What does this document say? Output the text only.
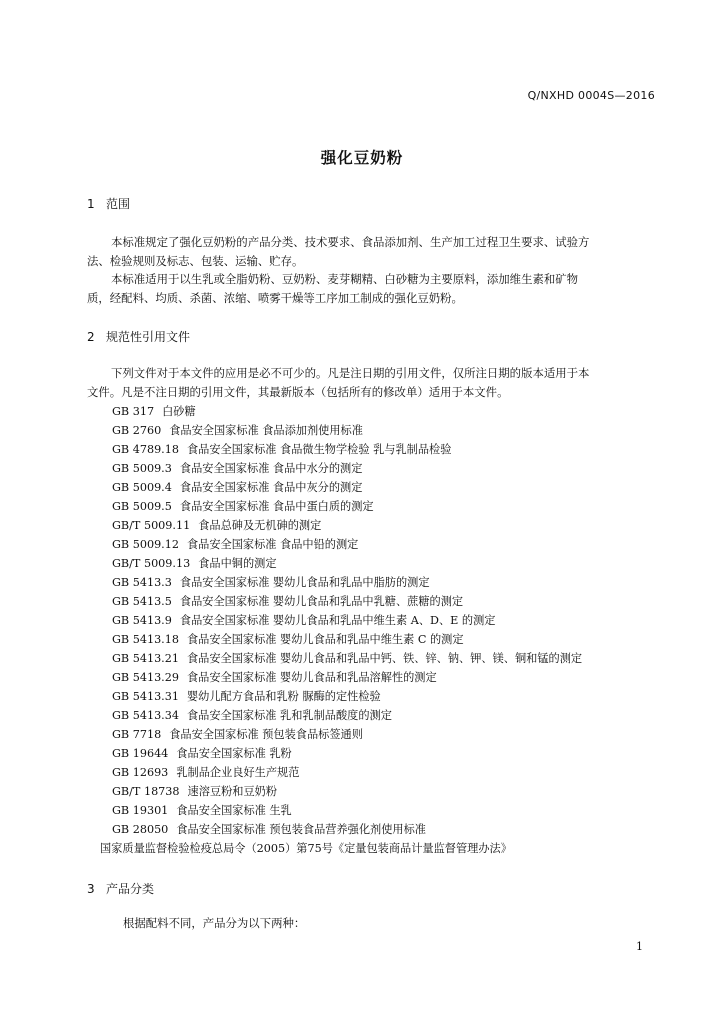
Q/NXHD 0004S—2016
强化豆奶粉
1 范围
本标准规定了强化豆奶粉的产品分类、技术要求、食品添加剂、生产加工过程卫生要求、试验方
法、检验规则及标志、包装、运输、贮存。
本标准适用于以生乳或全脂奶粉、豆奶粉、麦芽糊精、白砂糖为主要原料，添加维生素和矿物
质，经配料、均质、杀菌、浓缩、喷雾干燥等工序加工制成的强化豆奶粉。
2 规范性引用文件
下列文件对于本文件的应用是必不可少的。凡是注日期的引用文件，仅所注日期的版本适用于本
文件。凡是不注日期的引用文件，其最新版本（包括所有的修改单）适用于本文件。
GB 317 白砂糖
GB 2760 食品安全国家标准 食品添加剂使用标准
GB 4789.18 食品安全国家标准 食品微生物学检验 乳与乳制品检验
GB 5009.3 食品安全国家标准 食品中水分的测定
GB 5009.4 食品安全国家标准 食品中灰分的测定
GB 5009.5 食品安全国家标准 食品中蛋白质的测定
GB/T 5009.11 食品总砷及无机砷的测定
GB 5009.12 食品安全国家标准 食品中铅的测定
GB/T 5009.13 食品中铜的测定
GB 5413.3 食品安全国家标准 婴幼儿食品和乳品中脂肪的测定
GB 5413.5 食品安全国家标准 婴幼儿食品和乳品中乳糖、蔗糖的测定
GB 5413.9 食品安全国家标准 婴幼儿食品和乳品中维生素 A、D、E 的测定
GB 5413.18 食品安全国家标准 婴幼儿食品和乳品中维生素 C 的测定
GB 5413.21 食品安全国家标准 婴幼儿食品和乳品中钙、铁、锌、钠、钾、镁、铜和锰的测定
GB 5413.29 食品安全国家标准 婴幼儿食品和乳品溶解性的测定
GB 5413.31 婴幼儿配方食品和乳粉 脲酶的定性检验
GB 5413.34 食品安全国家标准 乳和乳制品酸度的测定
GB 7718 食品安全国家标准 预包装食品标签通则
GB 19644 食品安全国家标准 乳粉
GB 12693 乳制品企业良好生产规范
GB/T 18738 速溶豆粉和豆奶粉
GB 19301 食品安全国家标准 生乳
GB 28050 食品安全国家标准 预包装食品营养强化剂使用标准
国家质量监督检验检疫总局令（2005）第75号《定量包装商品计量监督管理办法》
3 产品分类
根据配料不同，产品分为以下两种：
1
